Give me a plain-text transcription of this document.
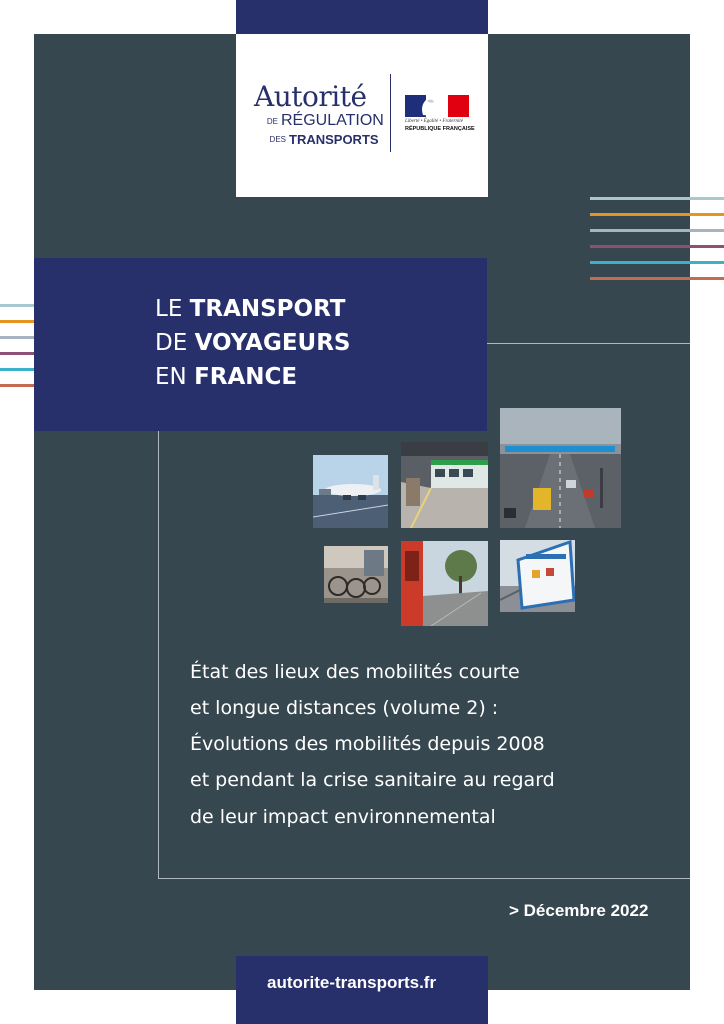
Autorité
DE RÉGULATION
DES TRANSPORTS
Liberté • Égalité • Fraternité
RÉPUBLIQUE FRANÇAISE
LE TRANSPORT
DE VOYAGEURS
EN FRANCE
État des lieux des mobilités courte
et longue distances (volume 2) :
Évolutions des mobilités depuis 2008
et pendant la crise sanitaire au regard
de leur impact environnemental
> Décembre 2022
autorite-transports.fr
